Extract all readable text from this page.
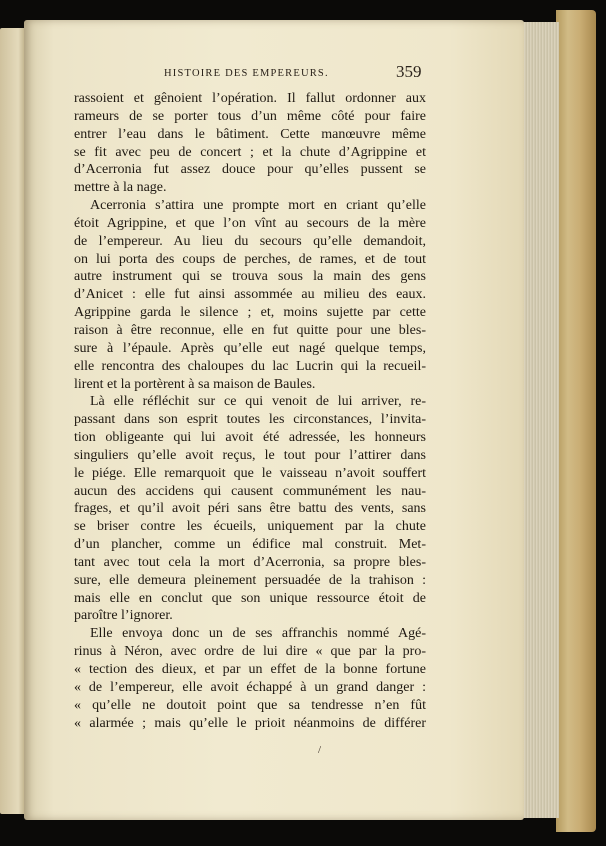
HISTOIRE DES EMPEREURS.	359
rassoient et gênoient l’opération. Il fallut ordonner aux
rameurs de se porter tous d’un même côté pour faire
entrer l’eau dans le bâtiment. Cette manœuvre même
se fit avec peu de concert ; et la chute d’Agrippine et
d’Acerronia fut assez douce pour qu’elles pussent se
mettre à la nage.
Acerronia s’attira une prompte mort en criant qu’elle
étoit Agrippine, et que l’on vînt au secours de la mère
de l’empereur. Au lieu du secours qu’elle demandoit,
on lui porta des coups de perches, de rames, et de tout
autre instrument qui se trouva sous la main des gens
d’Anicet : elle fut ainsi assommée au milieu des eaux.
Agrippine garda le silence ; et, moins sujette par cette
raison à être reconnue, elle en fut quitte pour une bles-
sure à l’épaule. Après qu’elle eut nagé quelque temps,
elle rencontra des chaloupes du lac Lucrin qui la recueil-
lirent et la portèrent à sa maison de Baules.
Là elle réfléchit sur ce qui venoit de lui arriver, re-
passant dans son esprit toutes les circonstances, l’invita-
tion obligeante qui lui avoit été adressée, les honneurs
singuliers qu’elle avoit reçus, le tout pour l’attirer dans
le piége. Elle remarquoit que le vaisseau n’avoit souffert
aucun des accidens qui causent communément les nau-
frages, et qu’il avoit péri sans être battu des vents, sans
se briser contre les écueils, uniquement par la chute
d’un plancher, comme un édifice mal construit. Met-
tant avec tout cela la mort d’Acerronia, sa propre bles-
sure, elle demeura pleinement persuadée de la trahison :
mais elle en conclut que son unique ressource étoit de
paroître l’ignorer.
Elle envoya donc un de ses affranchis nommé Agé-
rinus à Néron, avec ordre de lui dire « que par la pro-
« tection des dieux, et par un effet de la bonne fortune
« de l’empereur, elle avoit échappé à un grand danger :
« qu’elle ne doutoit point que sa tendresse n’en fût
« alarmée ; mais qu’elle le prioit néanmoins de différer
/
